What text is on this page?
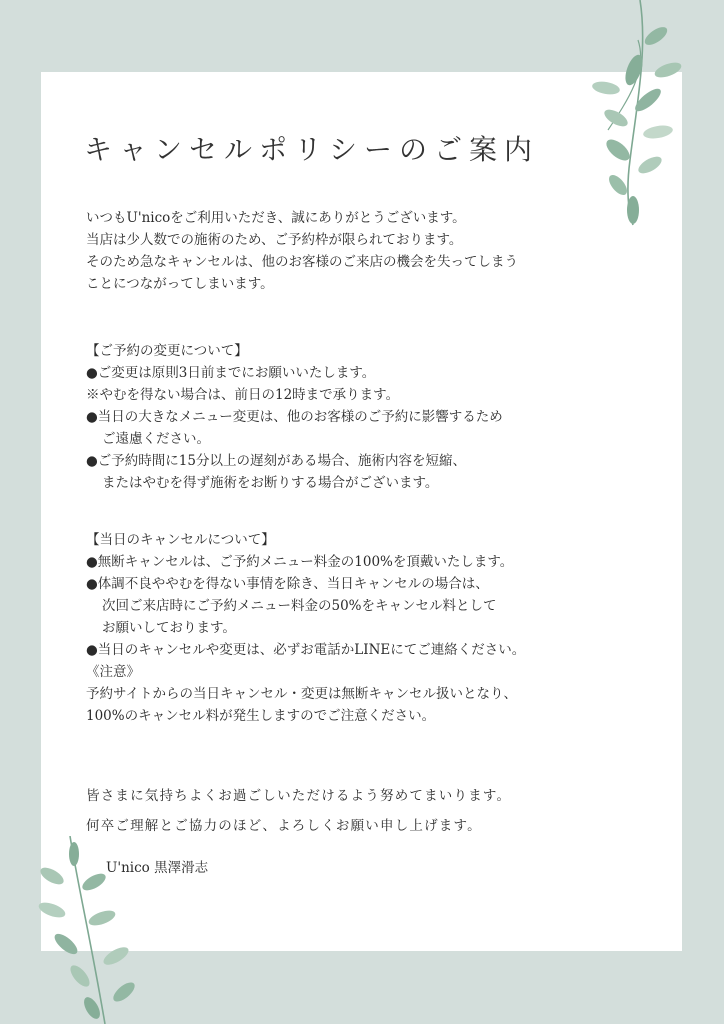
キャンセルポリシーのご案内
いつもU'nicoをご利用いただき、誠にありがとうございます。
当店は少人数での施術のため、ご予約枠が限られております。
そのため急なキャンセルは、他のお客様のご来店の機会を失ってしまう
ことにつながってしまいます。
【ご予約の変更について】
●ご変更は原則3日前までにお願いいたします。
※やむを得ない場合は、前日の12時まで承ります。
●当日の大きなメニュー変更は、他のお客様のご予約に影響するため
ご遠慮ください。
●ご予約時間に15分以上の遅刻がある場合、施術内容を短縮、
またはやむを得ず施術をお断りする場合がございます。
【当日のキャンセルについて】
●無断キャンセルは、ご予約メニュー料金の100%を頂戴いたします。
●体調不良ややむを得ない事情を除き、当日キャンセルの場合は、
次回ご来店時にご予約メニュー料金の50%をキャンセル料として
お願いしております。
●当日のキャンセルや変更は、必ずお電話かLINEにてご連絡ください。
《注意》
予約サイトからの当日キャンセル・変更は無断キャンセル扱いとなり、
100%のキャンセル料が発生しますのでご注意ください。
皆さまに気持ちよくお過ごしいただけるよう努めてまいります。
何卒ご理解とご協力のほど、よろしくお願い申し上げます。
U'nico 黒澤滑志
